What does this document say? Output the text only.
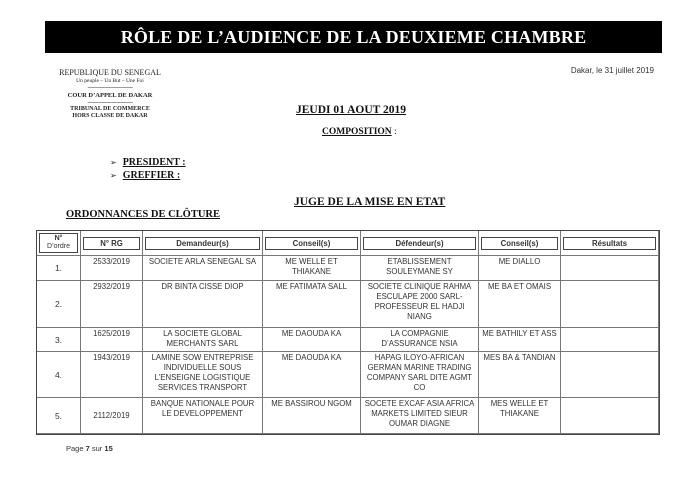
RÔLE DE L’AUDIENCE DE LA DEUXIEME CHAMBRE
REPUBLIQUE DU SENEGAL
Un peuple – Un But – Une Foi
------------------------------
COUR D’APPEL DE DAKAR
------------------------------
TRIBUNAL DE COMMERCE
HORS CLASSE DE DAKAR
Dakar, le 31 juillet 2019
JEUDI 01 AOUT 2019
COMPOSITION :
➢ PRESIDENT :
➢ GREFFIER :
JUGE DE LA MISE EN ETAT
ORDONNANCES DE CLÔTURE
N°
D’ordre	N° RG	Demandeur(s)	Conseil(s)	Défendeur(s)	Conseil(s)	Résultats

1.	2533/2019	SOCIETE ARLA SENEGAL SA	ME WELLE ET THIAKANE	ETABLISSEMENT SOULEYMANE SY	ME DIALLO	
2.	2932/2019	DR BINTA CISSE DIOP	ME FATIMATA SALL	SOCIETE CLINIQUE RAHMA ESCULAPE 2000 SARL-PROFESSEUR EL HADJI NIANG	ME BA ET OMAIS	
3.	1625/2019	LA SOCIETE GLOBAL MERCHANTS SARL	ME DAOUDA KA	LA COMPAGNIE D’ASSURANCE NSIA	ME BATHILY ET ASS	
4.	1943/2019	LAMINE SOW ENTREPRISE INDIVIDUELLE SOUS L’ENSEIGNE LOGISTIQUE SERVICES TRANSPORT	ME DAOUDA KA	HAPAG ILOYO-AFRICAN GERMAN MARINE TRADING COMPANY SARL DITE AGMT CO	MES BA & TANDIAN	
5.	2112/2019	BANQUE NATIONALE POUR LE DEVELOPPEMENT	ME BASSIROU NGOM	SOCETE EXCAF ASIA AFRICA MARKETS LIMITED SIEUR OUMAR DIAGNE	MES WELLE ET THIAKANE	
Page 7 sur 15
